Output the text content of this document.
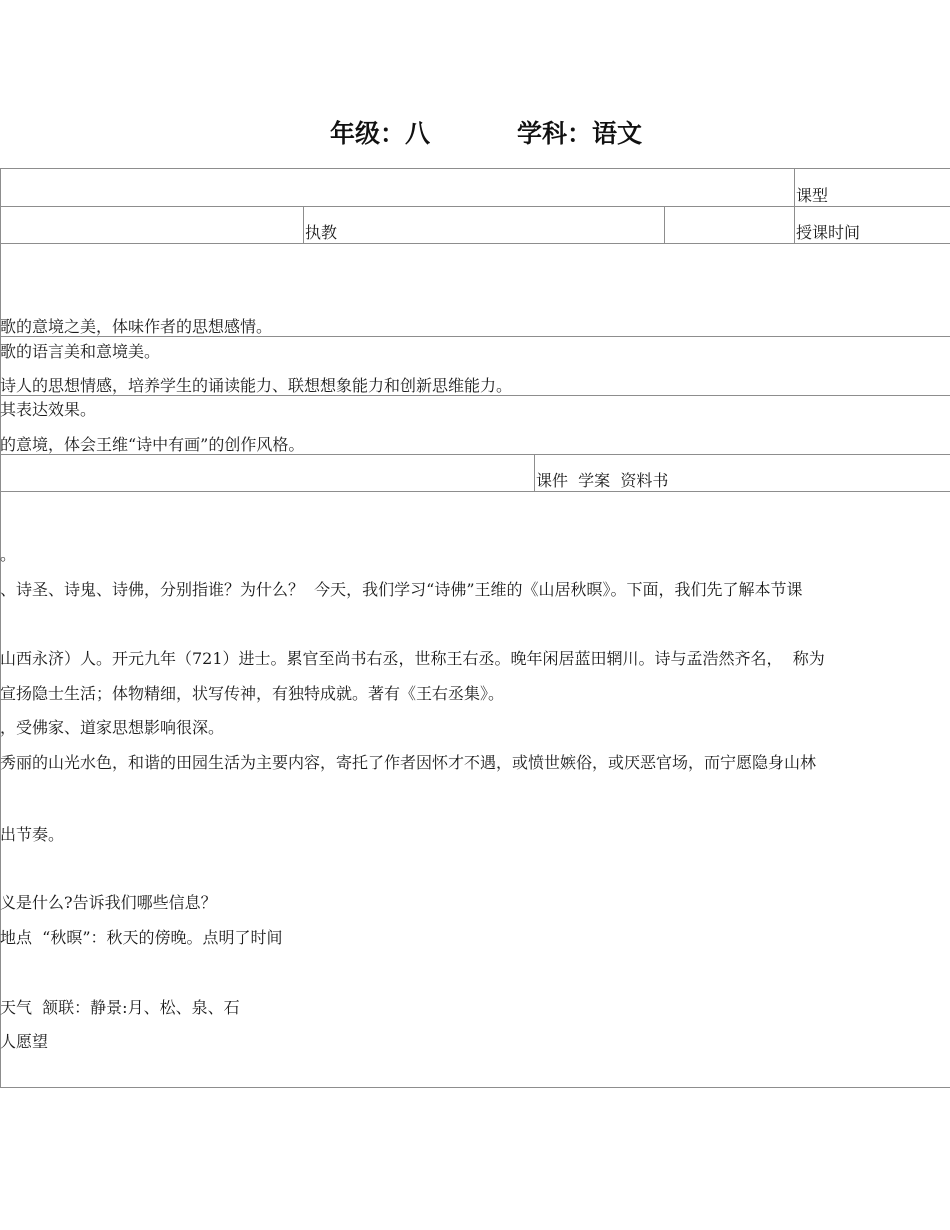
年级：八          学科：语文
课型
执教	授课时间
歌的意境之美，体味作者的思想感情。
歌的语言美和意境美。
诗人的思想情感，培养学生的诵读能力、联想想象能力和创新思维能力。
其表达效果。
的意境，体会王维“诗中有画”的创作风格。
课件  学案  资料书
。
、诗圣、诗鬼、诗佛，分别指谁？为什么？  今天，我们学习“诗佛”王维的《山居秋暝》。下面，我们先了解本节课
山西永济）人。开元九年（721）进士。累官至尚书右丞，世称王右丞。晚年闲居蓝田辋川。诗与孟浩然齐名，  称为
宣扬隐士生活；体物精细，状写传神，有独特成就。著有《王右丞集》。
，受佛家、道家思想影响很深。
秀丽的山光水色，和谐的田园生活为主要内容，寄托了作者因怀才不遇，或愤世嫉俗，或厌恶官场，而宁愿隐身山林
出节奏。
义是什么?告诉我们哪些信息？
地点  “秋暝”：秋天的傍晚。点明了时间
天气  颔联：静景:月、松、泉、石
人愿望
